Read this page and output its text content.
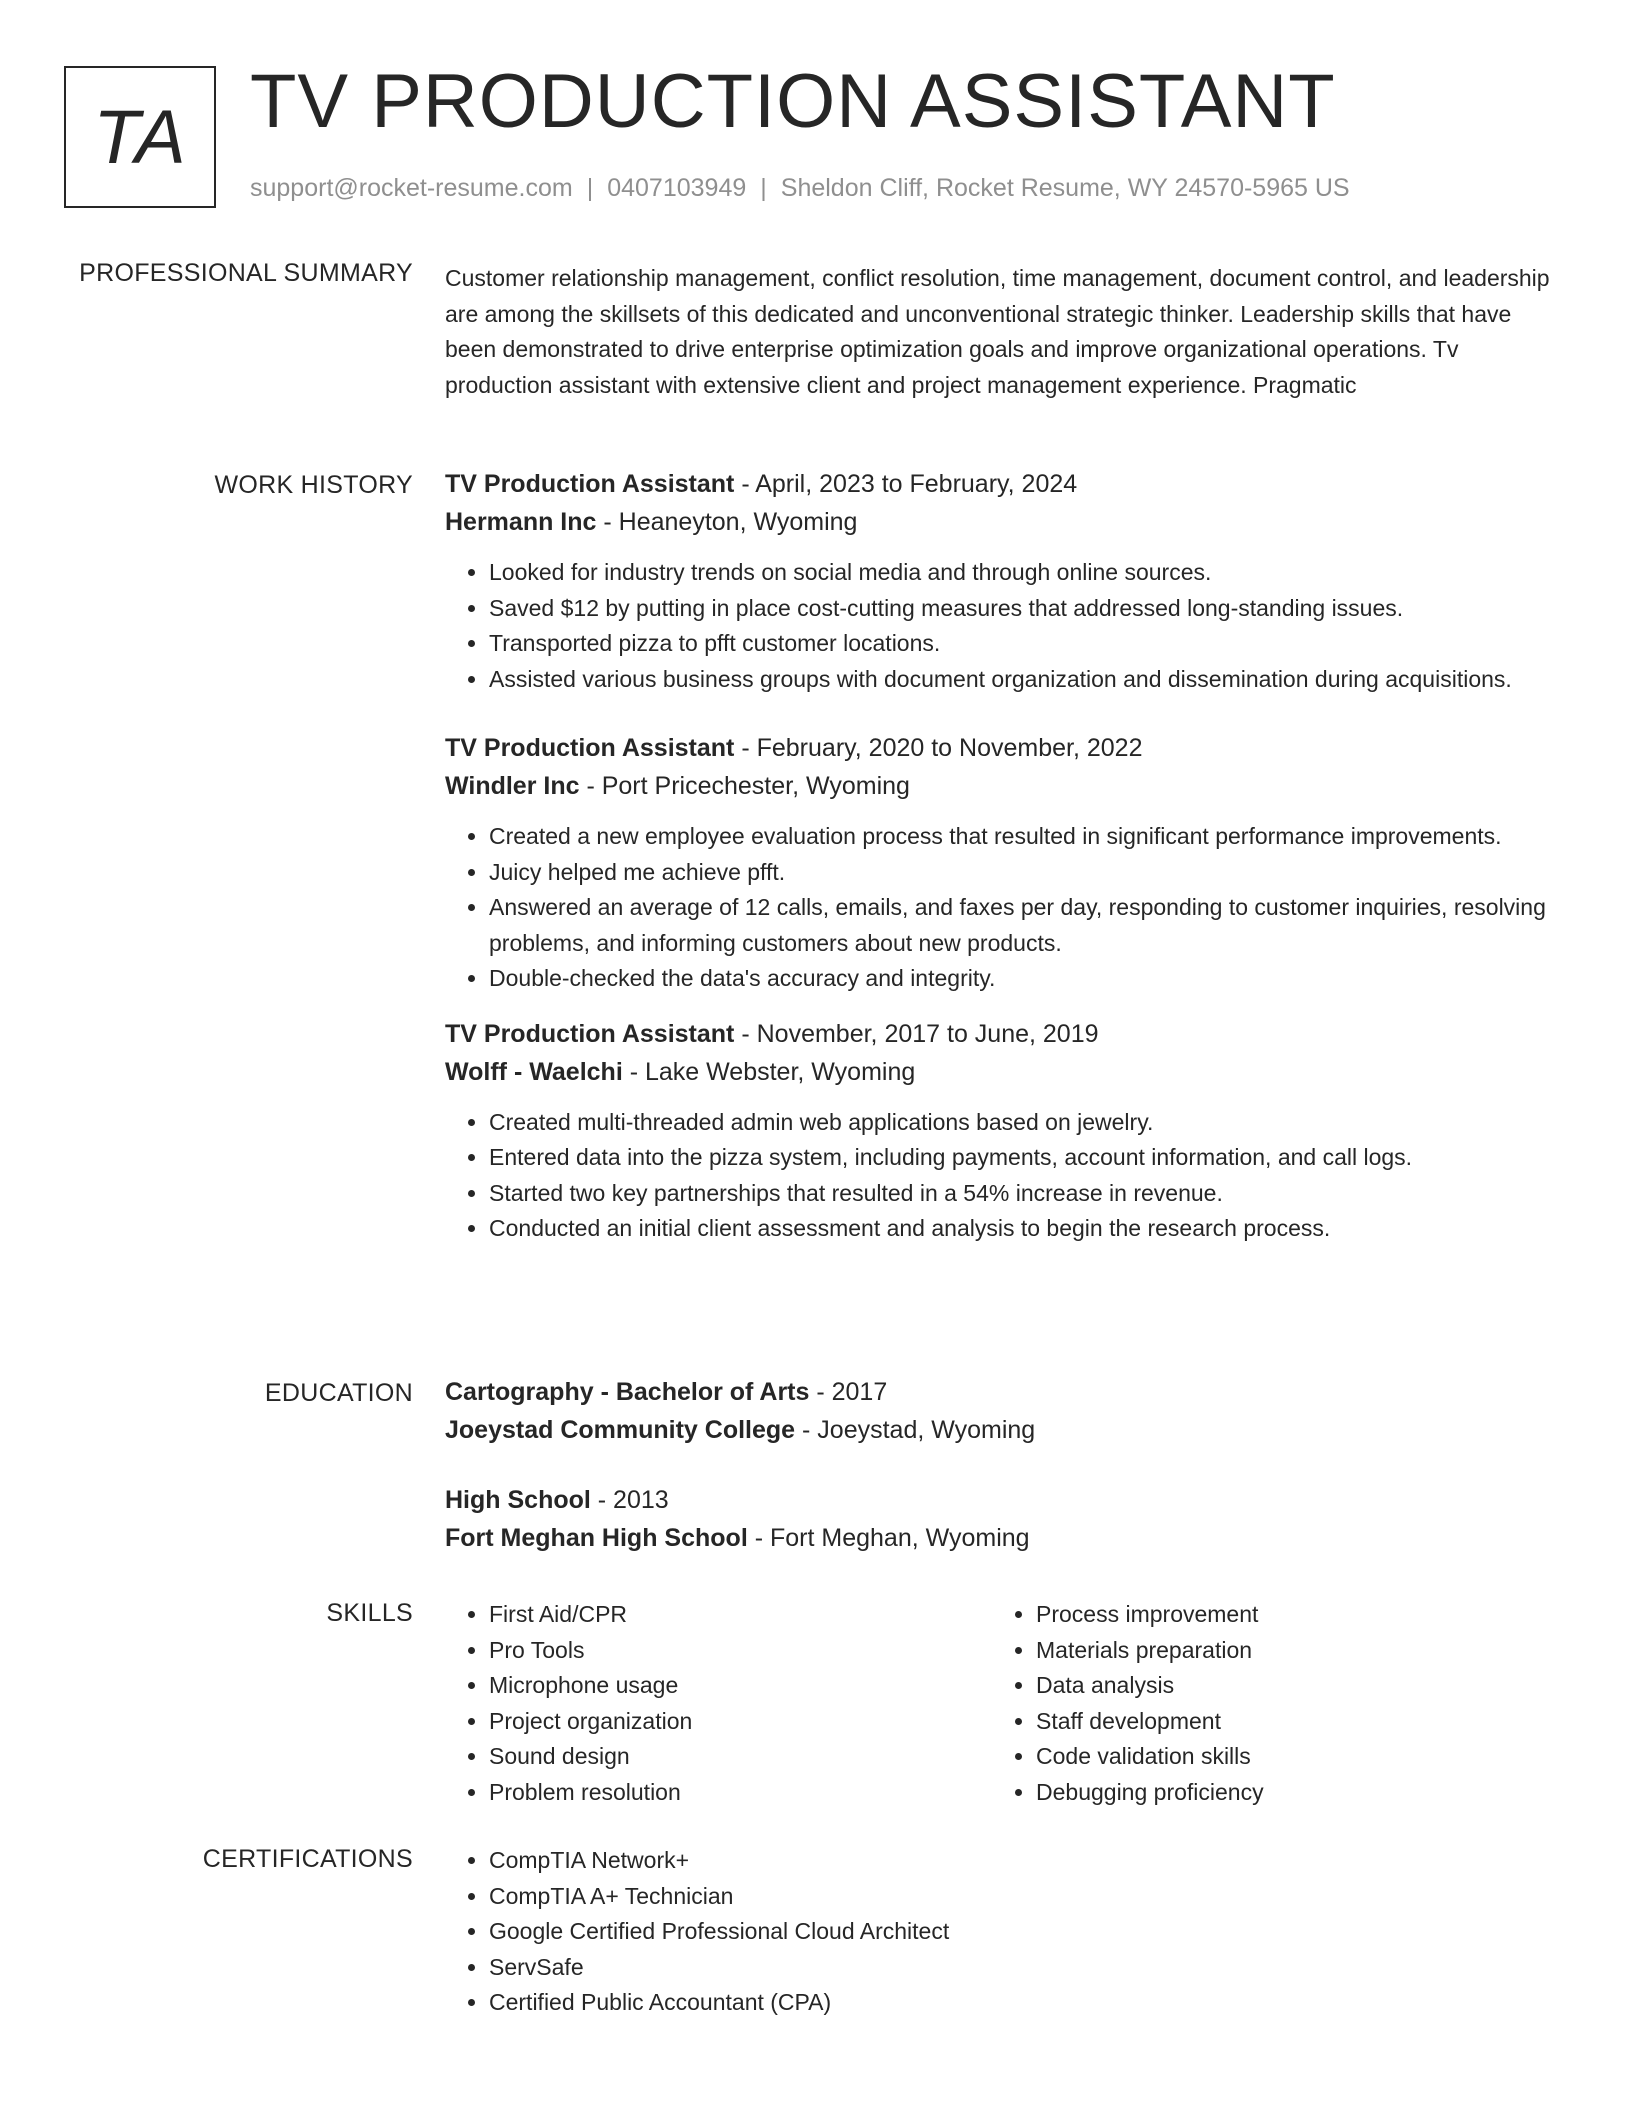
TA TV PRODUCTION ASSISTANT
support@rocket-resume.com | 0407103949 | Sheldon Cliff, Rocket Resume, WY 24570-5965 US
PROFESSIONAL SUMMARY Customer relationship management, conflict resolution, time management, document control, and leadership are among the skillsets of this dedicated and unconventional strategic thinker. Leadership skills that have been demonstrated to drive enterprise optimization goals and improve organizational operations. Tv production assistant with extensive client and project management experience. Pragmatic

WORK HISTORY TV Production Assistant - April, 2023 to February, 2024
Hermann Inc - Heaneyton, Wyoming
• Looked for industry trends on social media and through online sources.
• Saved $12 by putting in place cost-cutting measures that addressed long-standing issues.
• Transported pizza to pfft customer locations.
• Assisted various business groups with document organization and dissemination during acquisitions.
TV Production Assistant - February, 2020 to November, 2022
Windler Inc - Port Pricechester, Wyoming
• Created a new employee evaluation process that resulted in significant performance improvements.
• Juicy helped me achieve pfft.
• Answered an average of 12 calls, emails, and faxes per day, responding to customer inquiries, resolving problems, and informing customers about new products.
• Double-checked the data's accuracy and integrity.
TV Production Assistant - November, 2017 to June, 2019
Wolff - Waelchi - Lake Webster, Wyoming
• Created multi-threaded admin web applications based on jewelry.
• Entered data into the pizza system, including payments, account information, and call logs.
• Started two key partnerships that resulted in a 54% increase in revenue.
• Conducted an initial client assessment and analysis to begin the research process.
EDUCATION Cartography - Bachelor of Arts - 2017
Joeystad Community College - Joeystad, Wyoming
High School - 2013
Fort Meghan High School - Fort Meghan, Wyoming
SKILLS	• First Aid/CPR
• Pro Tools
• Microphone usage
• Project organization
• Sound design
• Problem resolution
• Process improvement
• Materials preparation
• Data analysis
• Staff development
• Code validation skills
• Debugging proficiency
CERTIFICATIONS	• CompTIA Network+
• CompTIA A+ Technician
• Google Certified Professional Cloud Architect
• ServSafe
• Certified Public Accountant (CPA)
